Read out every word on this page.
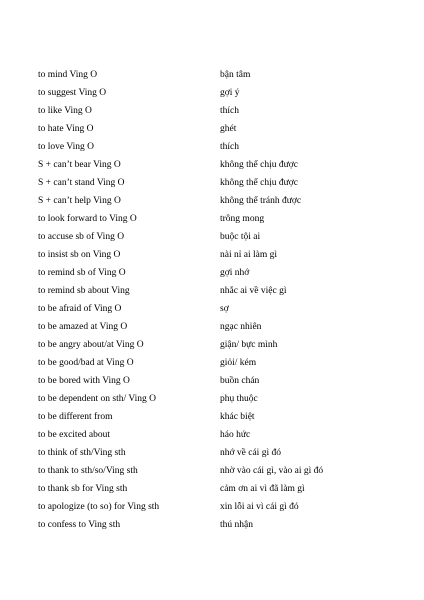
to mind Ving O	bận tâm
to suggest Ving O	gợi ý
to like Ving O	thích
to hate Ving O	ghét
to love Ving O	thích
S + can’t bear Ving O	không thể chịu được
S + can’t stand Ving O	không thể chịu được
S + can’t help Ving O	không thể tránh được
to look forward to Ving O	trông mong
to accuse sb of Ving O	buộc tội ai
to insist sb on Ving O	nài nỉ ai làm gì
to remind sb of Ving O	gợi nhớ
to remind sb about Ving	nhắc ai về việc gì
to be afraid of Ving O	sợ
to be amazed at Ving O	ngạc nhiên
to be angry about/at Ving O	giận/ bực mình
to be good/bad at Ving O	giỏi/ kém
to be bored with Ving O	buồn chán
to be dependent on sth/ Ving O	phụ thuộc
to be different from	khác biệt
to be excited about	háo hức
to think of sth/Ving sth	nhớ về cái gì đó
to thank to sth/so/Ving sth	nhờ vào cái gì, vào ai gì đó
to thank sb for Ving sth	cảm ơn ai vì đã làm gì
to apologize (to so) for Ving sth	xin lỗi ai vì cái gì đó
to confess to Ving sth	thú nhận
